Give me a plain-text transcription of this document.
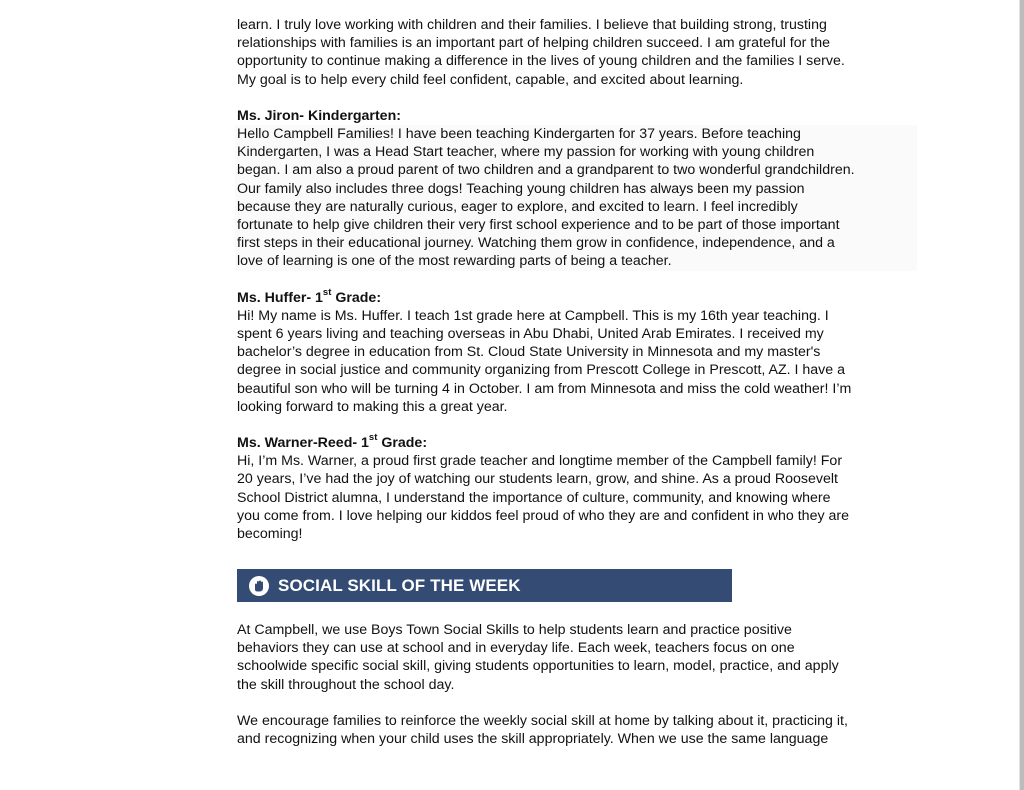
learn. I truly love working with children and their families. I believe that building strong, trusting
relationships with families is an important part of helping children succeed. I am grateful for the
opportunity to continue making a difference in the lives of young children and the families I serve.
My goal is to help every child feel confident, capable, and excited about learning.

Ms. Jiron- Kindergarten:

Hello Campbell Families! I have been teaching Kindergarten for 37 years. Before teaching
Kindergarten, I was a Head Start teacher, where my passion for working with young children
began. I am also a proud parent of two children and a grandparent to two wonderful grandchildren.
Our family also includes three dogs! Teaching young children has always been my passion
because they are naturally curious, eager to explore, and excited to learn. I feel incredibly
fortunate to help give children their very first school experience and to be part of those important
first steps in their educational journey. Watching them grow in confidence, independence, and a
love of learning is one of the most rewarding parts of being a teacher.

Ms. Huffer- 1st Grade:

Hi! My name is Ms. Huffer. I teach 1st grade here at Campbell. This is my 16th year teaching. I
spent 6 years living and teaching overseas in Abu Dhabi, United Arab Emirates. I received my
bachelor’s degree in education from St. Cloud State University in Minnesota and my master's
degree in social justice and community organizing from Prescott College in Prescott, AZ. I have a
beautiful son who will be turning 4 in October. I am from Minnesota and miss the cold weather! I’m
looking forward to making this a great year.

Ms. Warner-Reed- 1st Grade:

Hi, I’m Ms. Warner, a proud first grade teacher and longtime member of the Campbell family! For
20 years, I’ve had the joy of watching our students learn, grow, and shine. As a proud Roosevelt
School District alumna, I understand the importance of culture, community, and knowing where
you come from. I love helping our kiddos feel proud of who they are and confident in who they are
becoming!

SOCIAL SKILL OF THE WEEK

At Campbell, we use Boys Town Social Skills to help students learn and practice positive
behaviors they can use at school and in everyday life. Each week, teachers focus on one
schoolwide specific social skill, giving students opportunities to learn, model, practice, and apply
the skill throughout the school day.

We encourage families to reinforce the weekly social skill at home by talking about it, practicing it,
and recognizing when your child uses the skill appropriately. When we use the same language
